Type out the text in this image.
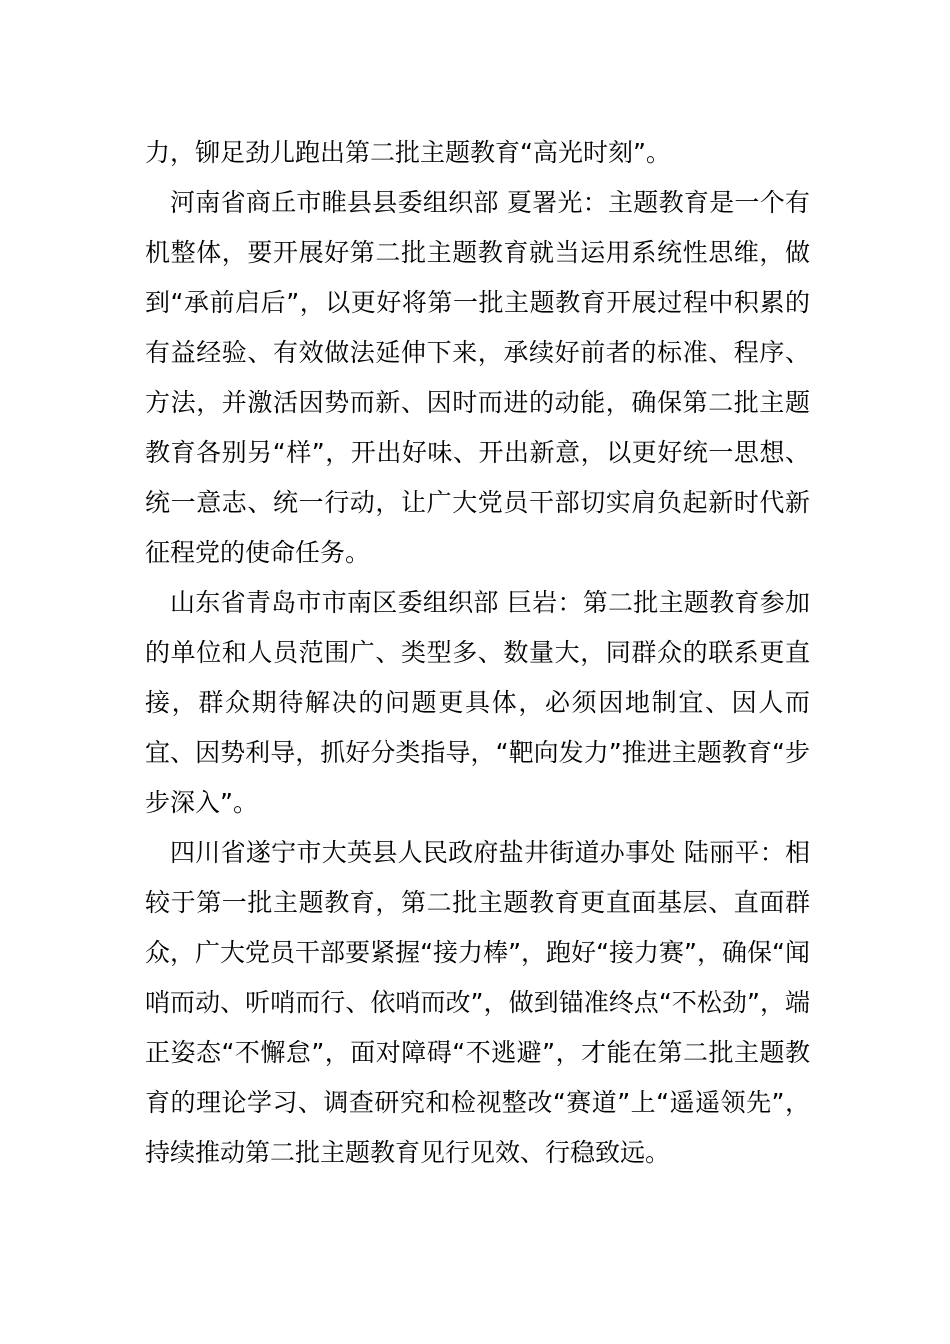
力，铆足劲儿跑出第二批主题教育“高光时刻”。

河南省商丘市睢县县委组织部 夏署光：主题教育是一个有机整体，要开展好第二批主题教育就当运用系统性思维，做到“承前启后”，以更好将第一批主题教育开展过程中积累的有益经验、有效做法延伸下来，承续好前者的标准、程序、方法，并激活因势而新、因时而进的动能，确保第二批主题教育各别另“样”，开出好味、开出新意，以更好统一思想、统一意志、统一行动，让广大党员干部切实肩负起新时代新征程党的使命任务。

山东省青岛市市南区委组织部 巨岩：第二批主题教育参加的单位和人员范围广、类型多、数量大，同群众的联系更直接，群众期待解决的问题更具体，必须因地制宜、因人而宜、因势利导，抓好分类指导，“靶向发力”推进主题教育“步步深入”。

四川省遂宁市大英县人民政府盐井街道办事处 陆丽平：相较于第一批主题教育，第二批主题教育更直面基层、直面群众，广大党员干部要紧握“接力棒”，跑好“接力赛”，确保“闻哨而动、听哨而行、依哨而改”，做到锚准终点“不松劲”，端正姿态“不懈怠”，面对障碍“不逃避”，才能在第二批主题教育的理论学习、调查研究和检视整改“赛道”上“遥遥领先”，持续推动第二批主题教育见行见效、行稳致远。
